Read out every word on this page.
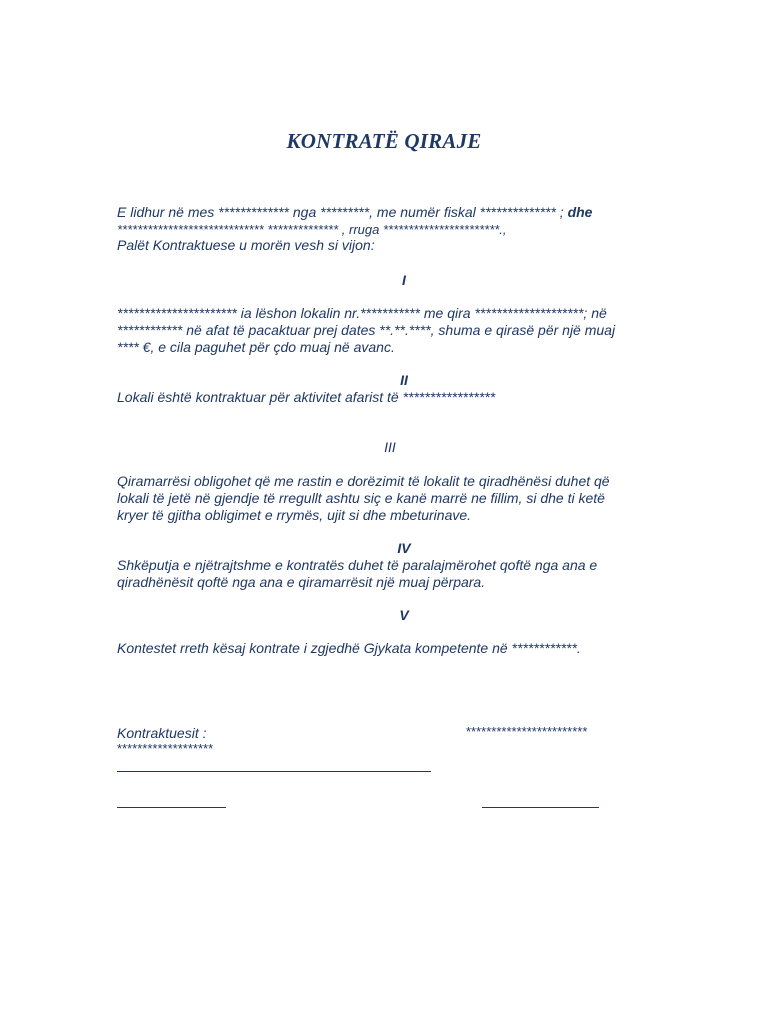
KONTRATË QIRAJE
E lidhur në mes ************* nga *********, me numër fiskal ************** ; dhe
***************************** ************** , rruga ***********************.,
Palët Kontraktuese u morën vesh si vijon:
I
********************** ia lëshon lokalin nr.*********** me qira ********************; në
************ në afat të pacaktuar prej dates **.**.****, shuma e qirasë për një muaj
**** €, e cila paguhet për çdo muaj në avanc.
II
Lokali është kontraktuar për aktivitet afarist të *****************
III
Qiramarrësi obligohet që me rastin e dorëzimit të lokalit te qiradhënësi duhet që
lokali të jetë në gjendje të rregullt ashtu siç e kanë marrë ne fillim, si dhe ti ketë
kryer të gjitha obligimet e rrymës, ujit si dhe mbeturinave.
IV
Shkëputja e njëtrajtshme e kontratës duhet të paralajmërohet qoftë nga ana e
qiradhënësit qoftë nga ana e qiramarrësit një muaj përpara.
V
Kontestet rreth kësaj kontrate i zgjedhë Gjykata kompetente në ************.
Kontraktuesit :	************************
*******************
